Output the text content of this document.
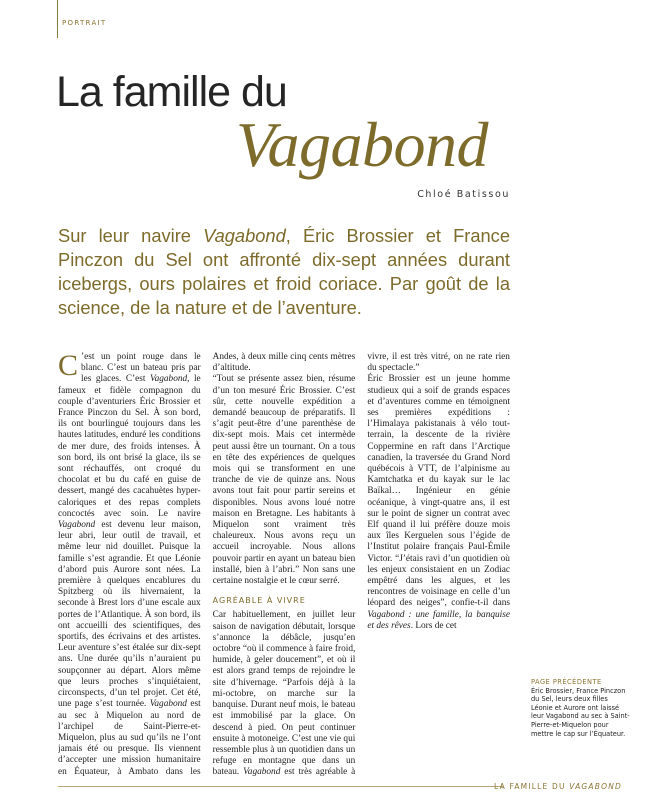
PORTRAIT
La famille du
Vagabond
Chloé Batissou
Sur leur navire Vagabond, Éric Brossier et France Pinczon du Sel ont affronté dix-sept années durant icebergs, ours polaires et froid coriace. Par goût de la science, de la nature et de l’aventure.

C ’est un point rouge dans le blanc. C’est un bateau pris par les glaces. C’est Vagabond, le fameux et fidèle compagnon du couple d’aventuriers Éric Brossier et France Pinczon du Sel. À son bord, ils ont bourlingué toujours dans les hautes latitudes, enduré les conditions de mer dure, des froids intenses. À son bord, ils ont brisé la glace, ils se sont réchauffés, ont croqué du chocolat et bu du café en guise de dessert, mangé des cacahuètes hyper-caloriques et des repas complets concoctés avec soin. Le navire Vagabond est devenu leur maison, leur abri, leur outil de travail, et même leur nid douillet. Puisque la famille s’est agrandie. Et que Léonie d’abord puis Aurore sont nées. La première à quelques encablures du Spitzberg où ils hivernaient, la seconde à Brest lors d’une escale aux portes de l’Atlantique. À son bord, ils ont accueilli des scientifiques, des sportifs, des écrivains et des artistes. Leur aventure s’est étalée sur dix-sept ans. Une durée qu’ils n’auraient pu soupçonner au départ. Alors même que leurs proches s’inquiétaient, circonspects, d’un tel projet. Cet été, une page s’est tournée. Vagabond est au sec à Miquelon au nord de l’archipel de Saint-Pierre-et-Miquelon, plus au sud qu’ils ne l’ont jamais été ou presque. Ils viennent d’accepter une mission humanitaire en Équateur, à Ambato dans les Andes, à deux mille cinq cents mètres d’altitude.

“Tout se présente assez bien, résume d’un ton mesuré Éric Brossier. C’est sûr, cette nouvelle expédition a demandé beaucoup de préparatifs. Il s’agit peut-être d’une parenthèse de dix-sept mois. Mais cet intermède peut aussi être un tournant. On a tous en tête des expériences de quelques mois qui se transforment en une tranche de vie de quinze ans. Nous avons tout fait pour partir sereins et disponibles. Nous avons loué notre maison en Bretagne. Les habitants à Miquelon sont vraiment très chaleureux. Nous avons reçu un accueil incroyable. Nous allons pouvoir partir en ayant un bateau bien installé, bien à l’abri.” Non sans une certaine nostalgie et le cœur serré.

AGRÉABLE À VIVRE

Car habituellement, en juillet leur saison de navigation débutait, lorsque s’annonce la débâcle, jusqu’en octobre “où il commence à faire froid, humide, à geler doucement”, et où il est alors grand temps de rejoindre le site d’hivernage. “Parfois déjà à la mi-octobre, on marche sur la banquise. Durant neuf mois, le bateau est immobilisé par la glace. On descend à pied. On peut continuer ensuite à motoneige. C’est une vie qui ressemble plus à un quotidien dans un refuge en montagne que dans un bateau. Vagabond est très agréable à vivre, il est très vitré, on ne rate rien du spectacle.”

Éric Brossier est un jeune homme studieux qui a soif de grands espaces et d’aventures comme en témoignent ses premières expéditions : l’Himalaya pakistanais à vélo tout-terrain, la descente de la rivière Coppermine en raft dans l’Arctique canadien, la traversée du Grand Nord québécois à VTT, de l’alpinisme au Kamtchatka et du kayak sur le lac Baïkal… Ingénieur en génie océanique, à vingt-quatre ans, il est sur le point de signer un contrat avec Elf quand il lui préfère douze mois aux îles Kerguelen sous l’égide de l’Institut polaire français Paul-Émile Victor. “J’étais ravi d’un quotidien où les enjeux consistaient en un Zodiac empêtré dans les algues, et les rencontres de voisinage en celle d’un léopard des neiges”, confie-t-il dans Vagabond : une famille, la banquise et des rêves. Lors de cet

PAGE PRÉCÉDENTE
Éric Brossier, France Pinczon du Sel, leurs deux filles Léonie et Aurore ont laissé leur Vagabond au sec à Saint-Pierre-et-Miquelon pour mettre le cap sur l’Équateur.
LA FAMILLE DU VAGABOND
